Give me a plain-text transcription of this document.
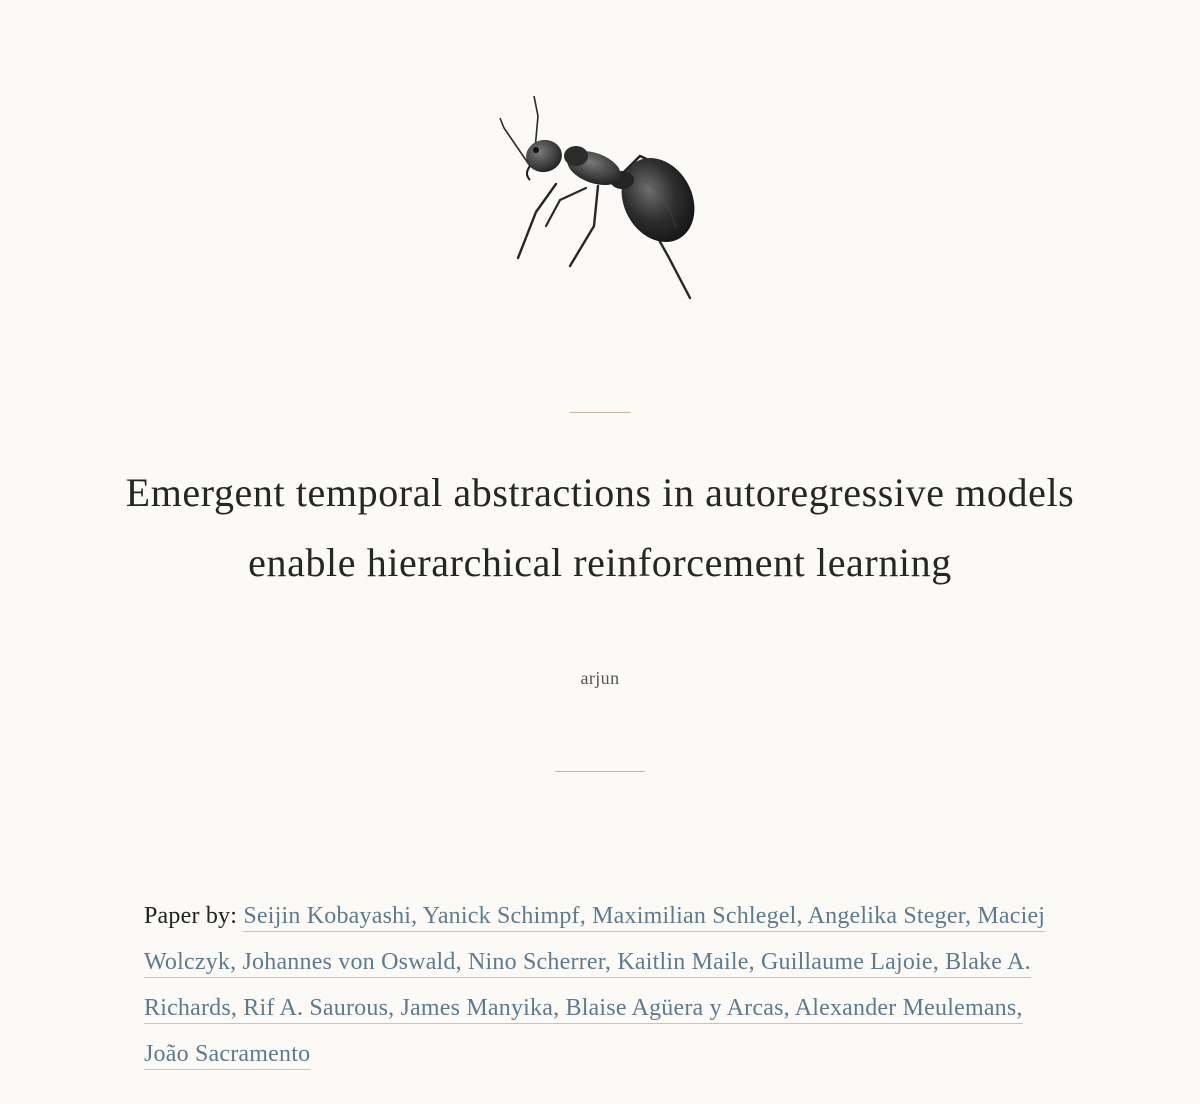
Emergent temporal abstractions in autoregressive models enable hierarchical reinforcement learning
arjun

Paper by: Seijin Kobayashi, Yanick Schimpf, Maximilian Schlegel, Angelika Steger, Maciej Wolczyk, Johannes von Oswald, Nino Scherrer, Kaitlin Maile, Guillaume Lajoie, Blake A. Richards, Rif A. Saurous, James Manyika, Blaise Agüera y Arcas, Alexander Meulemans, João Sacramento
